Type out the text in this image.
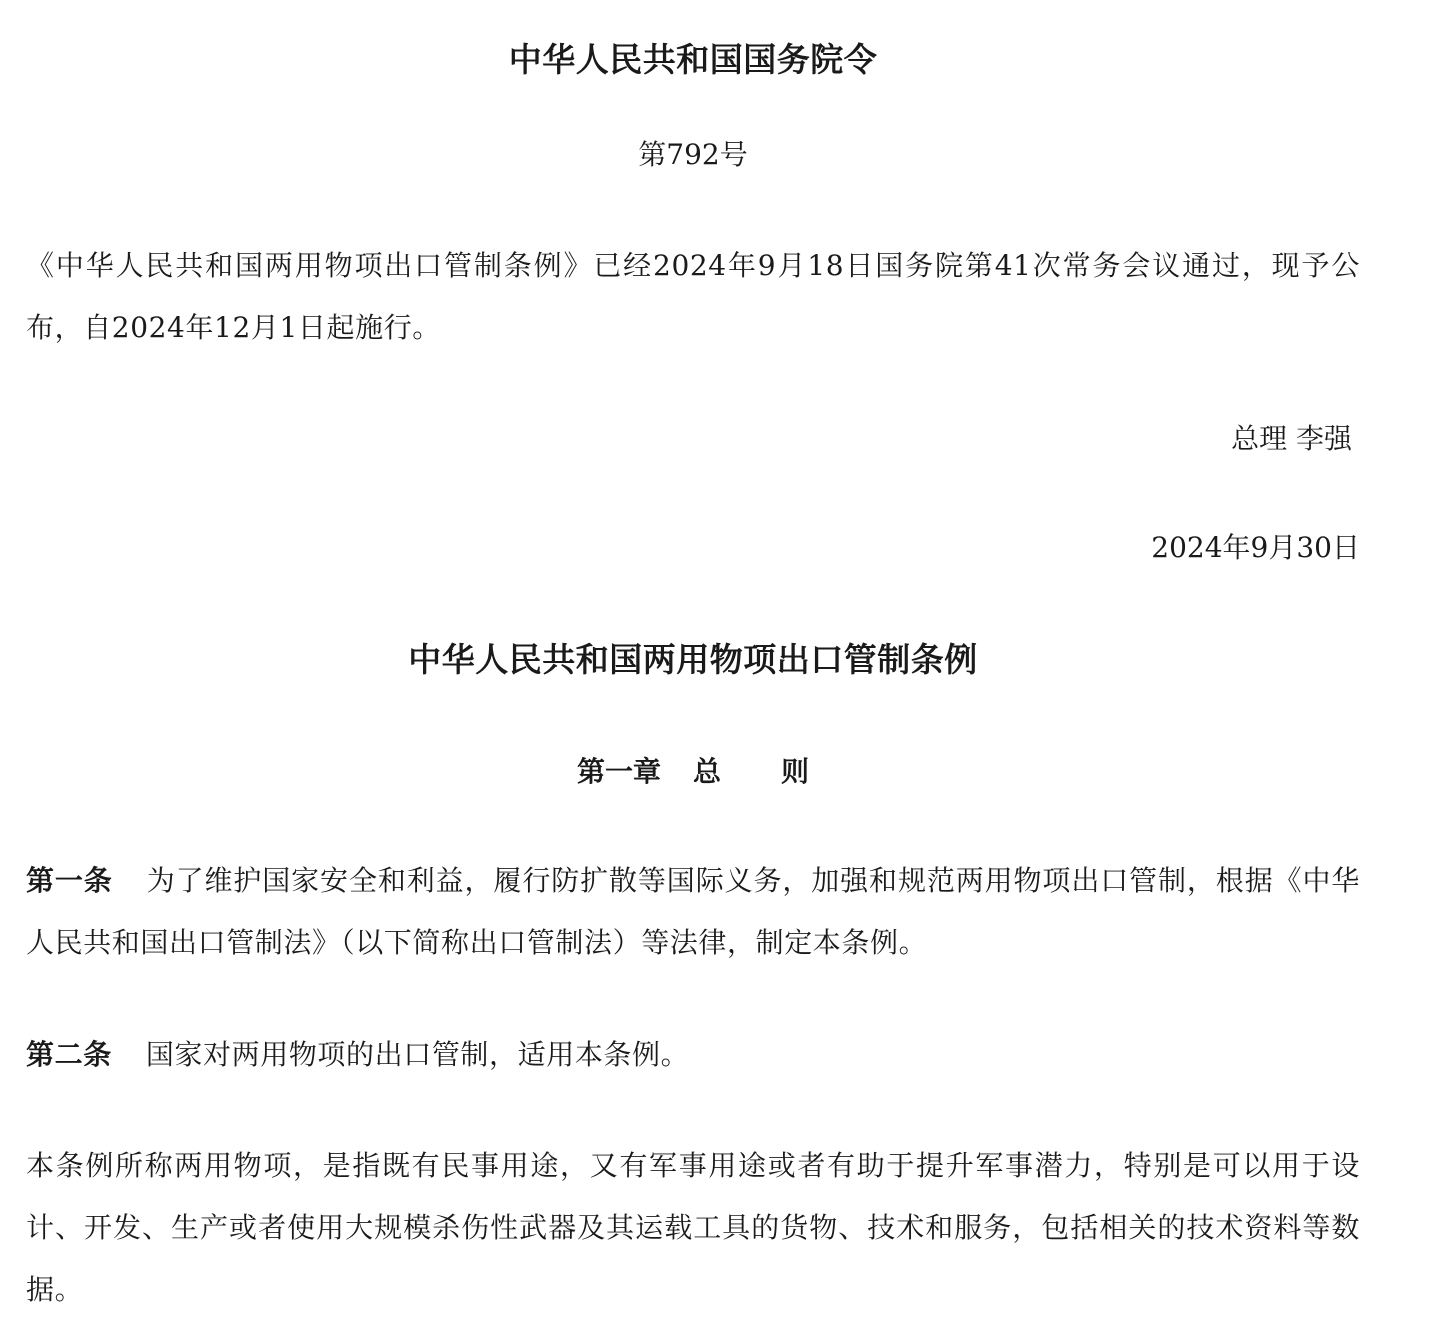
中华人民共和国国务院令
第792号
《中华人民共和国两用物项出口管制条例》已经2024年9月18日国务院第41次常务会议通过，现予公布，自2024年12月1日起施行。
总理 李强
2024年9月30日
中华人民共和国两用物项出口管制条例
第一章 总 则
第一条 为了维护国家安全和利益，履行防扩散等国际义务，加强和规范两用物项出口管制，根据《中华人民共和国出口管制法》（以下简称出口管制法）等法律，制定本条例。
第二条 国家对两用物项的出口管制，适用本条例。
本条例所称两用物项，是指既有民事用途，又有军事用途或者有助于提升军事潜力，特别是可以用于设计、开发、生产或者使用大规模杀伤性武器及其运载工具的货物、技术和服务，包括相关的技术资料等数据。
